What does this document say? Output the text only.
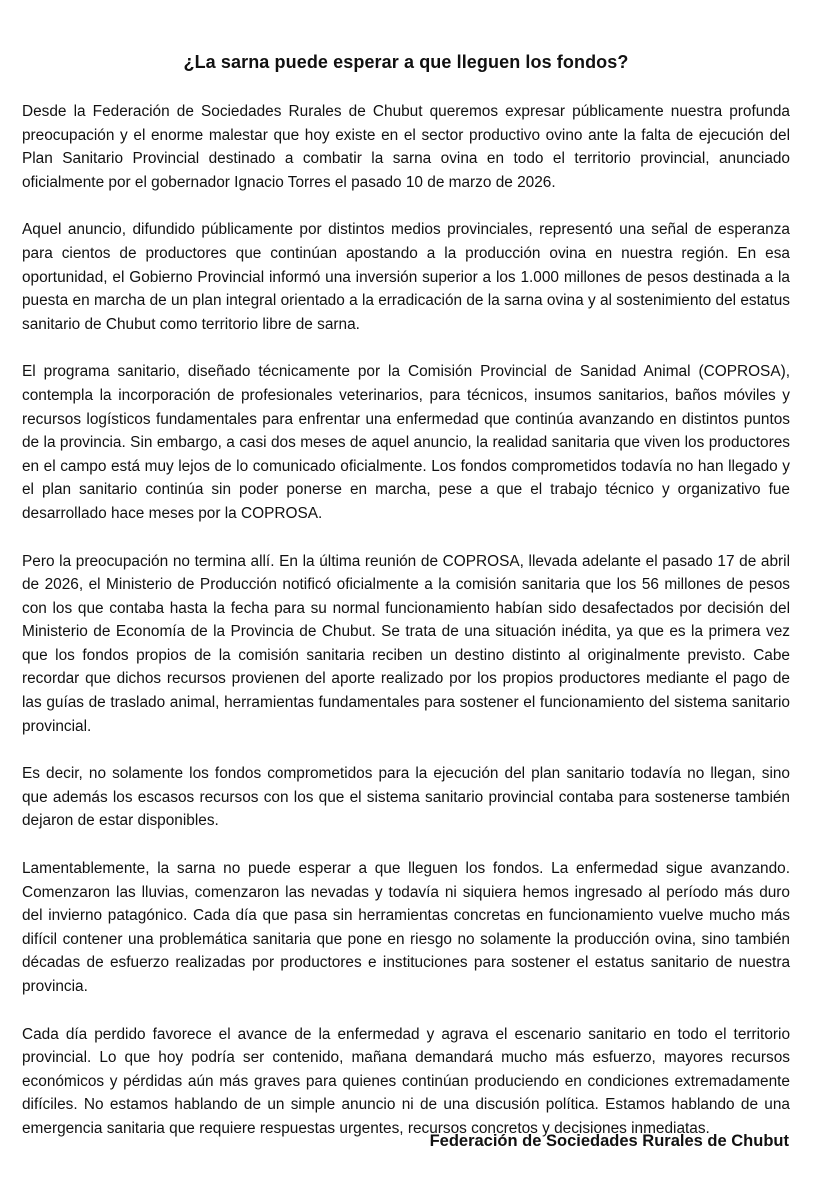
¿La sarna puede esperar a que lleguen los fondos?

Desde la Federación de Sociedades Rurales de Chubut queremos expresar públicamente nuestra profunda preocupación y el enorme malestar que hoy existe en el sector productivo ovino ante la falta de ejecución del Plan Sanitario Provincial destinado a combatir la sarna ovina en todo el territorio provincial, anunciado oficialmente por el gobernador Ignacio Torres el pasado 10 de marzo de 2026.

Aquel anuncio, difundido públicamente por distintos medios provinciales, representó una señal de esperanza para cientos de productores que continúan apostando a la producción ovina en nuestra región. En esa oportunidad, el Gobierno Provincial informó una inversión superior a los 1.000 millones de pesos destinada a la puesta en marcha de un plan integral orientado a la erradicación de la sarna ovina y al sostenimiento del estatus sanitario de Chubut como territorio libre de sarna.

El programa sanitario, diseñado técnicamente por la Comisión Provincial de Sanidad Animal (COPROSA), contempla la incorporación de profesionales veterinarios, para técnicos, insumos sanitarios, baños móviles y recursos logísticos fundamentales para enfrentar una enfermedad que continúa avanzando en distintos puntos de la provincia. Sin embargo, a casi dos meses de aquel anuncio, la realidad sanitaria que viven los productores en el campo está muy lejos de lo comunicado oficialmente. Los fondos comprometidos todavía no han llegado y el plan sanitario continúa sin poder ponerse en marcha, pese a que el trabajo técnico y organizativo fue desarrollado hace meses por la COPROSA.

Pero la preocupación no termina allí. En la última reunión de COPROSA, llevada adelante el pasado 17 de abril de 2026, el Ministerio de Producción notificó oficialmente a la comisión sanitaria que los 56 millones de pesos con los que contaba hasta la fecha para su normal funcionamiento habían sido desafectados por decisión del Ministerio de Economía de la Provincia de Chubut. Se trata de una situación inédita, ya que es la primera vez que los fondos propios de la comisión sanitaria reciben un destino distinto al originalmente previsto. Cabe recordar que dichos recursos provienen del aporte realizado por los propios productores mediante el pago de las guías de traslado animal, herramientas fundamentales para sostener el funcionamiento del sistema sanitario provincial.

Es decir, no solamente los fondos comprometidos para la ejecución del plan sanitario todavía no llegan, sino que además los escasos recursos con los que el sistema sanitario provincial contaba para sostenerse también dejaron de estar disponibles.

Lamentablemente, la sarna no puede esperar a que lleguen los fondos. La enfermedad sigue avanzando. Comenzaron las lluvias, comenzaron las nevadas y todavía ni siquiera hemos ingresado al período más duro del invierno patagónico. Cada día que pasa sin herramientas concretas en funcionamiento vuelve mucho más difícil contener una problemática sanitaria que pone en riesgo no solamente la producción ovina, sino también décadas de esfuerzo realizadas por productores e instituciones para sostener el estatus sanitario de nuestra provincia.

Cada día perdido favorece el avance de la enfermedad y agrava el escenario sanitario en todo el territorio provincial. Lo que hoy podría ser contenido, mañana demandará mucho más esfuerzo, mayores recursos económicos y pérdidas aún más graves para quienes continúan produciendo en condiciones extremadamente difíciles. No estamos hablando de un simple anuncio ni de una discusión política. Estamos hablando de una emergencia sanitaria que requiere respuestas urgentes, recursos concretos y decisiones inmediatas.

Federación de Sociedades Rurales de Chubut
